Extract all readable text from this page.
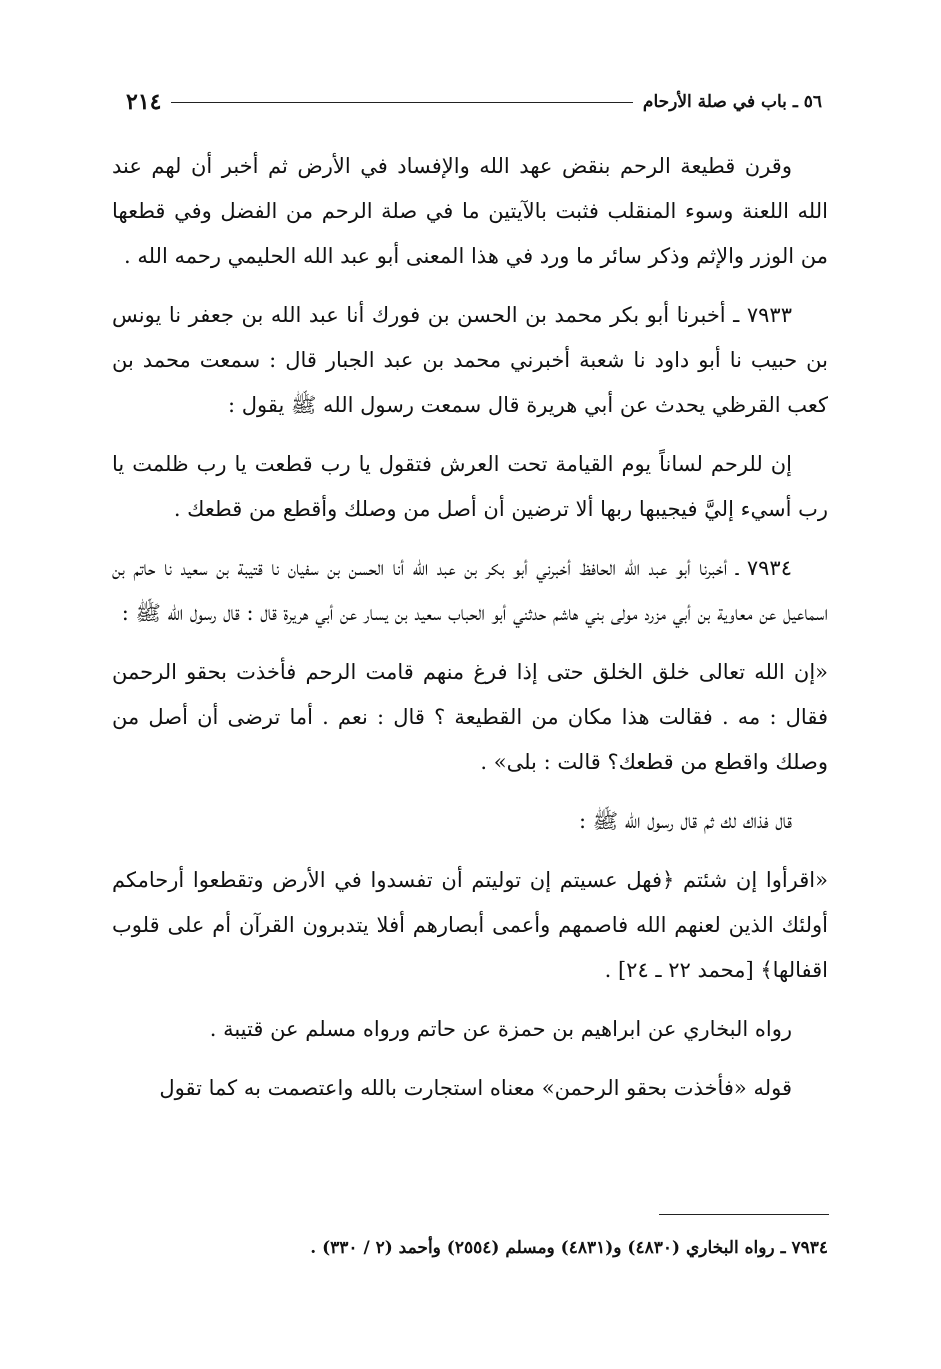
٢١٤	٥٦ ـ باب في صلة الأرحام

وقرن قطيعة الرحم بنقض عهد الله والإفساد في الأرض ثم أخبر أن لهم عند الله اللعنة وسوء المنقلب فثبت بالآيتين ما في صلة الرحم من الفضل وفي قطعها من الوزر والإثم وذكر سائر ما ورد في هذا المعنى أبو عبد الله الحليمي رحمه الله .

٧٩٣٣ ـ أخبرنا أبو بكر محمد بن الحسن بن فورك أنا عبد الله بن جعفر نا يونس بن حبيب نا أبو داود نا شعبة أخبرني محمد بن عبد الجبار قال : سمعت محمد بن كعب القرظي يحدث عن أبي هريرة قال سمعت رسول الله ﷺ يقول :

إن للرحم لساناً يوم القيامة تحت العرش فتقول يا رب قطعت يا رب ظلمت يا رب أسيء إليَّ فيجيبها ربها ألا ترضين أن أصل من وصلك وأقطع من قطعك .

٧٩٣٤ ـ أخبرنا أبو عبد الله الحافظ أخبرني أبو بكر بن عبد الله أنا الحسن بن سفيان نا قتيبة بن سعيد نا حاتم بن اسماعيل عن معاوية بن أبي مزرد مولى بني هاشم حدثني أبو الحباب سعيد بن يسار عن أبي هريرة قال : قال رسول الله ﷺ :

«إن الله تعالى خلق الخلق حتى إذا فرغ منهم قامت الرحم فأخذت بحقو الرحمن فقال : مه . فقالت هذا مكان من القطيعة ؟ قال : نعم . أما ترضى أن أصل من وصلك واقطع من قطعك؟ قالت : بلى» .

قال فذاك لك ثم قال رسول الله ﷺ :

«اقرأوا إن شئتم ﴿فهل عسيتم إن توليتم أن تفسدوا في الأرض وتقطعوا أرحامكم أولئك الذين لعنهم الله فاصمهم وأعمى أبصارهم أفلا يتدبرون القرآن أم على قلوب اقفالها﴾ [محمد ٢٢ ـ ٢٤] .

رواه البخاري عن ابراهيم بن حمزة عن حاتم ورواه مسلم عن قتيبة .

قوله «فأخذت بحقو الرحمن» معناه استجارت بالله واعتصمت به كما تقول

٧٩٣٤ ـ رواه البخاري (٤٨٣٠) و(٤٨٣١) ومسلم (٢٥٥٤) وأحمد (٢ / ٣٣٠) .
